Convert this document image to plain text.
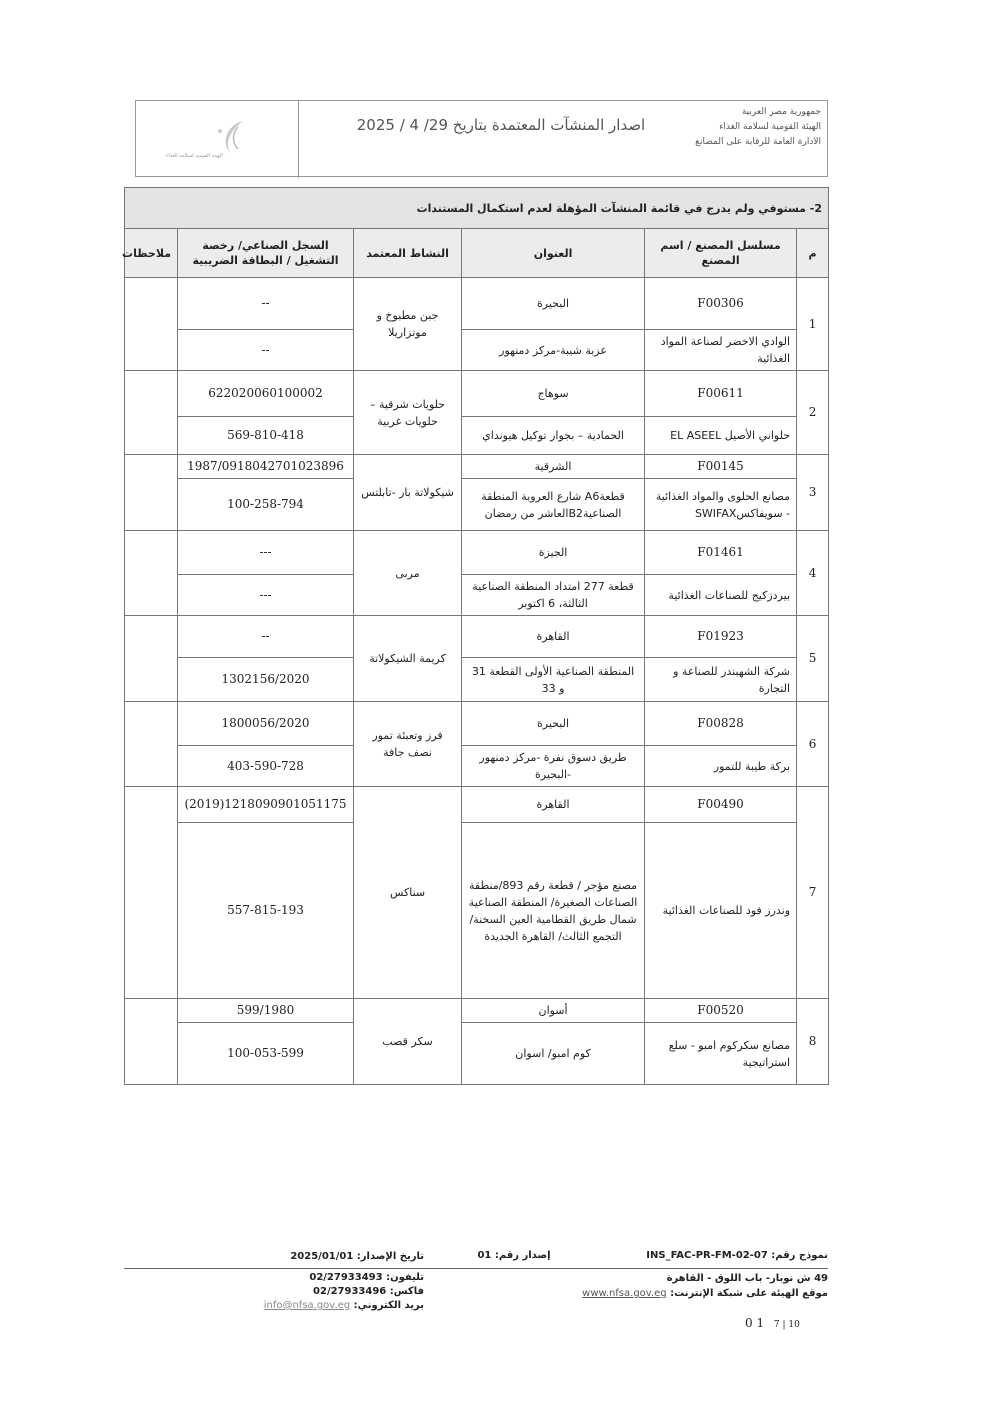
الهيئة القومية لسلامة الغذاء
اصدار المنشآت المعتمدة بتاريخ 29/ 4 / 2025
جمهورية مصر العربية
الهيئة القومية لسلامة الغذاء
الادارة العامة للرقابة على المصانع
2- مستوفي ولم يدرج في قائمة المنشآت المؤهلة لعدم استكمال المستندات					
م	مسلسل المصنع / اسم المصنع	العنوان	النشاط المعتمد	السجل الصناعي/ رخصة التشغيل / البطاقة الضريبية	ملاحظات
1	F00306	البحيرة	جبن مطبوخ و موتزاريلا	--	
	الوادي الاخضر لصناعة المواد الغذائية	عزبة شيبة-مركز دمنهور		--	
2	F00611	سوهاج	حلويات شرقية – حلويات غربية	622020060100002	
	حلواني الأصيل EL ASEEL	الحمادية – بجوار توكيل هيونداي		569-810-418	
3	F00145	الشرقية	شيكولاتة بار -تابلتس	1987/0918042701023896	
	مصانع الحلوى والمواد الغذائية - سويفاكسSWIFAX	قطعةA6 شارع العروبة المنطقة الصناعيةB2العاشر من رمضان		100-258-794	
4	F01461	الجيزة	مربى	---	
	بيردزكيج للصناعات الغذائية	قطعة 277 امتداد المنطقة الصناعية الثالثة، 6 اكتوبر		---	
5	F01923	القاهرة	كريمة الشيكولاتة	--	
	شركة الشهبندر للصناعة و التجارة	المنطقة الصناعية الأولى القطعة 31 و 33		1302156/2020	
6	F00828	البحيرة	فرز وتعبئة تمور نصف جافة	1800056/2020	
	بركة طيبة للتمور	طريق دسوق نفرة -مركز دمنهور -البحيرة		403-590-728	
7	F00490	القاهرة	سناكس	1218090901051175(2019)	
	وندرز فود للصناعات الغذائية	مصنع مؤجر / قطعة رقم 893/منطقة الصناعات الصغيرة/ المنطقة الصناعية شمال طريق القطامية العين السخنة/ التجمع الثالث/ القاهرة الجديدة		557-815-193	
8	F00520	أسوان	سكر قصب	599/1980	
	مصانع سكركوم امبو - سلع استراتيجية	كوم امبو/ اسوان		100-053-599	
تاريخ الإصدار: 2025/01/01	إصدار رقم: 01	نموذج رقم: INS_FAC-PR-FM-02-07
تليفون: 02/27933493
فاكس: 02/27933496
بريد الكتروني: info@nfsa.gov.eg
49 ش نوبار- باب اللوق - القاهرة
موقع الهيئة على شبكة الإنترنت: www.nfsa.gov.eg
0 1 7 | 10
